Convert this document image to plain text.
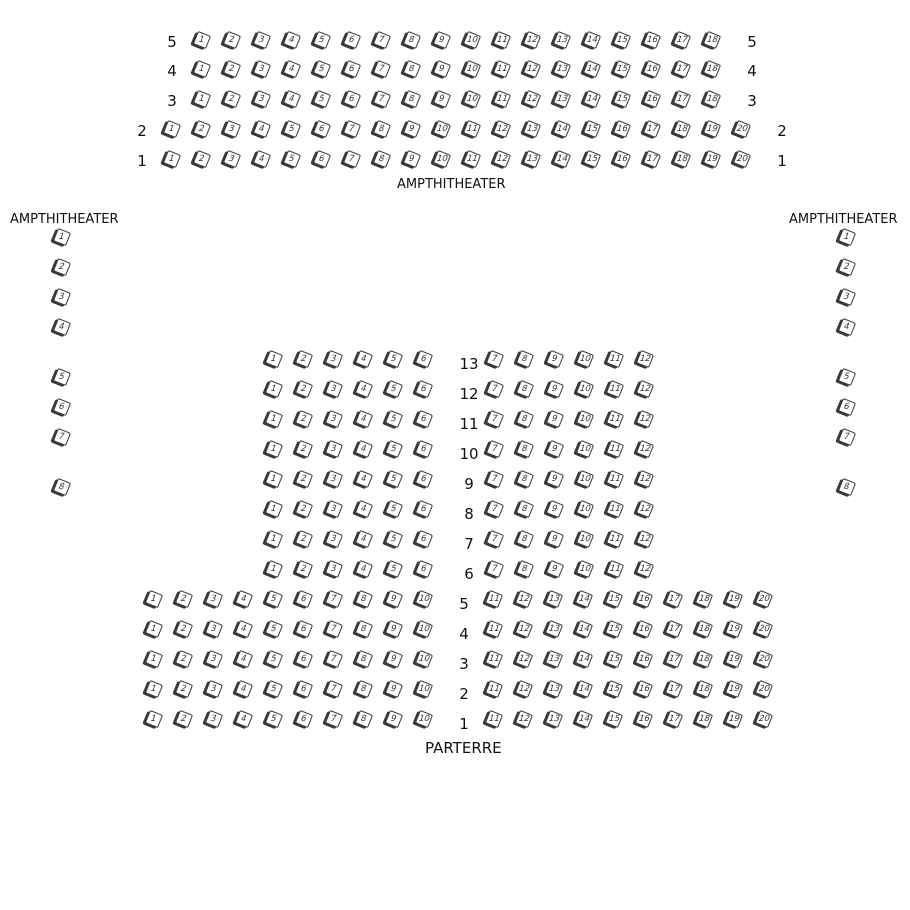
AMPTHITHEATER
AMPTHITHEATER	AMPTHITHEATER
PARTERRE
1	2	3	4	5	6	7	8	9 10 11 12 13 14 15 16 17 18
5	5
1	2	3	4	5	6	7	8	9 10 11 12 13 14 15 16 17 18
4	4
1	2	3	4	5	6	7	8	9 10 11 12 13 14 15 16 17 18
3	3
1	2	3	4	5	6	7	8	9 10 11 12 13 14 15 16 17 18 19 20
2	2
1	2	3	4	5	6	7	8	9 10 11 12 13 14 15 16 17 18 19 20
1	1
1
2
3
4
5
6
7
8
1
2
3
4
5
6
7
8
1	2	3	4	5	6	7	8	9 10 11 12
13
1	2	3	4	5	6	7	8	9 10 11 12
12
1	2	3	4	5	6	7	8	9 10 11 12
11
1	2	3	4	5	6	7	8	9 10 11 12
10
1	2	3	4	5	6	7	8	9 10 11 12
9
1	2	3	4	5	6	7	8	9 10 11 12
8
1	2	3	4	5	6	7	8	9 10 11 12
7
1	2	3	4	5	6	7	8	9 10 11 12
6
1	2	3	4	5	6	7	8	9 10	11 12 13 14 15 16 17 18 19 20
5
1	2	3	4	5	6	7	8	9 10	11 12 13 14 15 16 17 18 19 20
4
1	2	3	4	5	6	7	8	9 10	11 12 13 14 15 16 17 18 19 20
3
1	2	3	4	5	6	7	8	9 10	11 12 13 14 15 16 17 18 19 20
2
1	2	3	4	5	6	7	8	9 10	11 12 13 14 15 16 17 18 19 20
1
